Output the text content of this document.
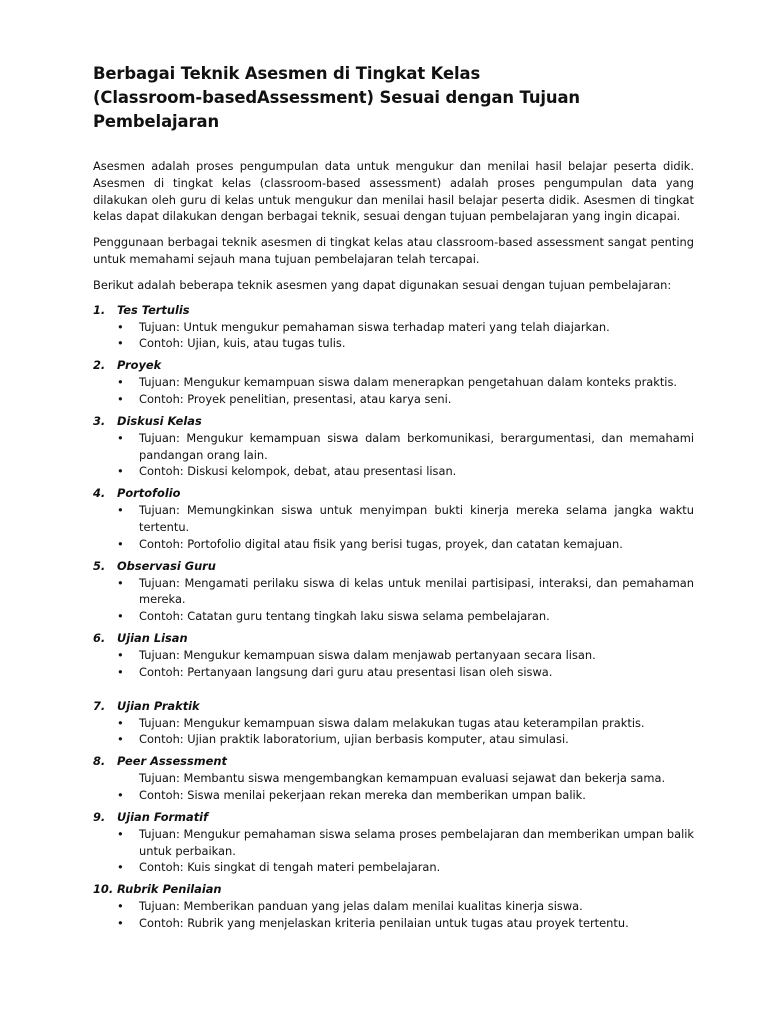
Berbagai Teknik Asesmen di Tingkat Kelas
(Classroom-basedAssessment) Sesuai dengan Tujuan Pembelajaran

Asesmen adalah proses pengumpulan data untuk mengukur dan menilai hasil belajar peserta didik. Asesmen di tingkat kelas (classroom-based assessment) adalah proses pengumpulan data yang dilakukan oleh guru di kelas untuk mengukur dan menilai hasil belajar peserta didik. Asesmen di tingkat kelas dapat dilakukan dengan berbagai teknik, sesuai dengan tujuan pembelajaran yang ingin dicapai.

Penggunaan berbagai teknik asesmen di tingkat kelas atau classroom-based assessment sangat penting untuk memahami sejauh mana tujuan pembelajaran telah tercapai.

Berikut adalah beberapa teknik asesmen yang dapat digunakan sesuai dengan tujuan pembelajaran:

1.	Tes Tertulis
•	Tujuan: Untuk mengukur pemahaman siswa terhadap materi yang telah diajarkan.
•	Contoh: Ujian, kuis, atau tugas tulis.
2.	Proyek
•	Tujuan: Mengukur kemampuan siswa dalam menerapkan pengetahuan dalam konteks praktis.
•	Contoh: Proyek penelitian, presentasi, atau karya seni.
3.	Diskusi Kelas
•	Tujuan: Mengukur kemampuan siswa dalam berkomunikasi, berargumentasi, dan memahami pandangan orang lain.
•	Contoh: Diskusi kelompok, debat, atau presentasi lisan.
4.	Portofolio
•	Tujuan: Memungkinkan siswa untuk menyimpan bukti kinerja mereka selama jangka waktu tertentu.
•	Contoh: Portofolio digital atau fisik yang berisi tugas, proyek, dan catatan kemajuan.
5.	Observasi Guru
•	Tujuan: Mengamati perilaku siswa di kelas untuk menilai partisipasi, interaksi, dan pemahaman mereka.
•	Contoh: Catatan guru tentang tingkah laku siswa selama pembelajaran.
6.	Ujian Lisan
•	Tujuan: Mengukur kemampuan siswa dalam menjawab pertanyaan secara lisan.
•	Contoh: Pertanyaan langsung dari guru atau presentasi lisan oleh siswa.
7.	Ujian Praktik
•	Tujuan: Mengukur kemampuan siswa dalam melakukan tugas atau keterampilan praktis.
•	Contoh: Ujian praktik laboratorium, ujian berbasis komputer, atau simulasi.
8.	Peer Assessment
Tujuan: Membantu siswa mengembangkan kemampuan evaluasi sejawat dan bekerja sama.
•	Contoh: Siswa menilai pekerjaan rekan mereka dan memberikan umpan balik.
9.	Ujian Formatif
•	Tujuan: Mengukur pemahaman siswa selama proses pembelajaran dan memberikan umpan balik untuk perbaikan.
•	Contoh: Kuis singkat di tengah materi pembelajaran.
10. Rubrik Penilaian
•	Tujuan: Memberikan panduan yang jelas dalam menilai kualitas kinerja siswa.
•	Contoh: Rubrik yang menjelaskan kriteria penilaian untuk tugas atau proyek tertentu.
